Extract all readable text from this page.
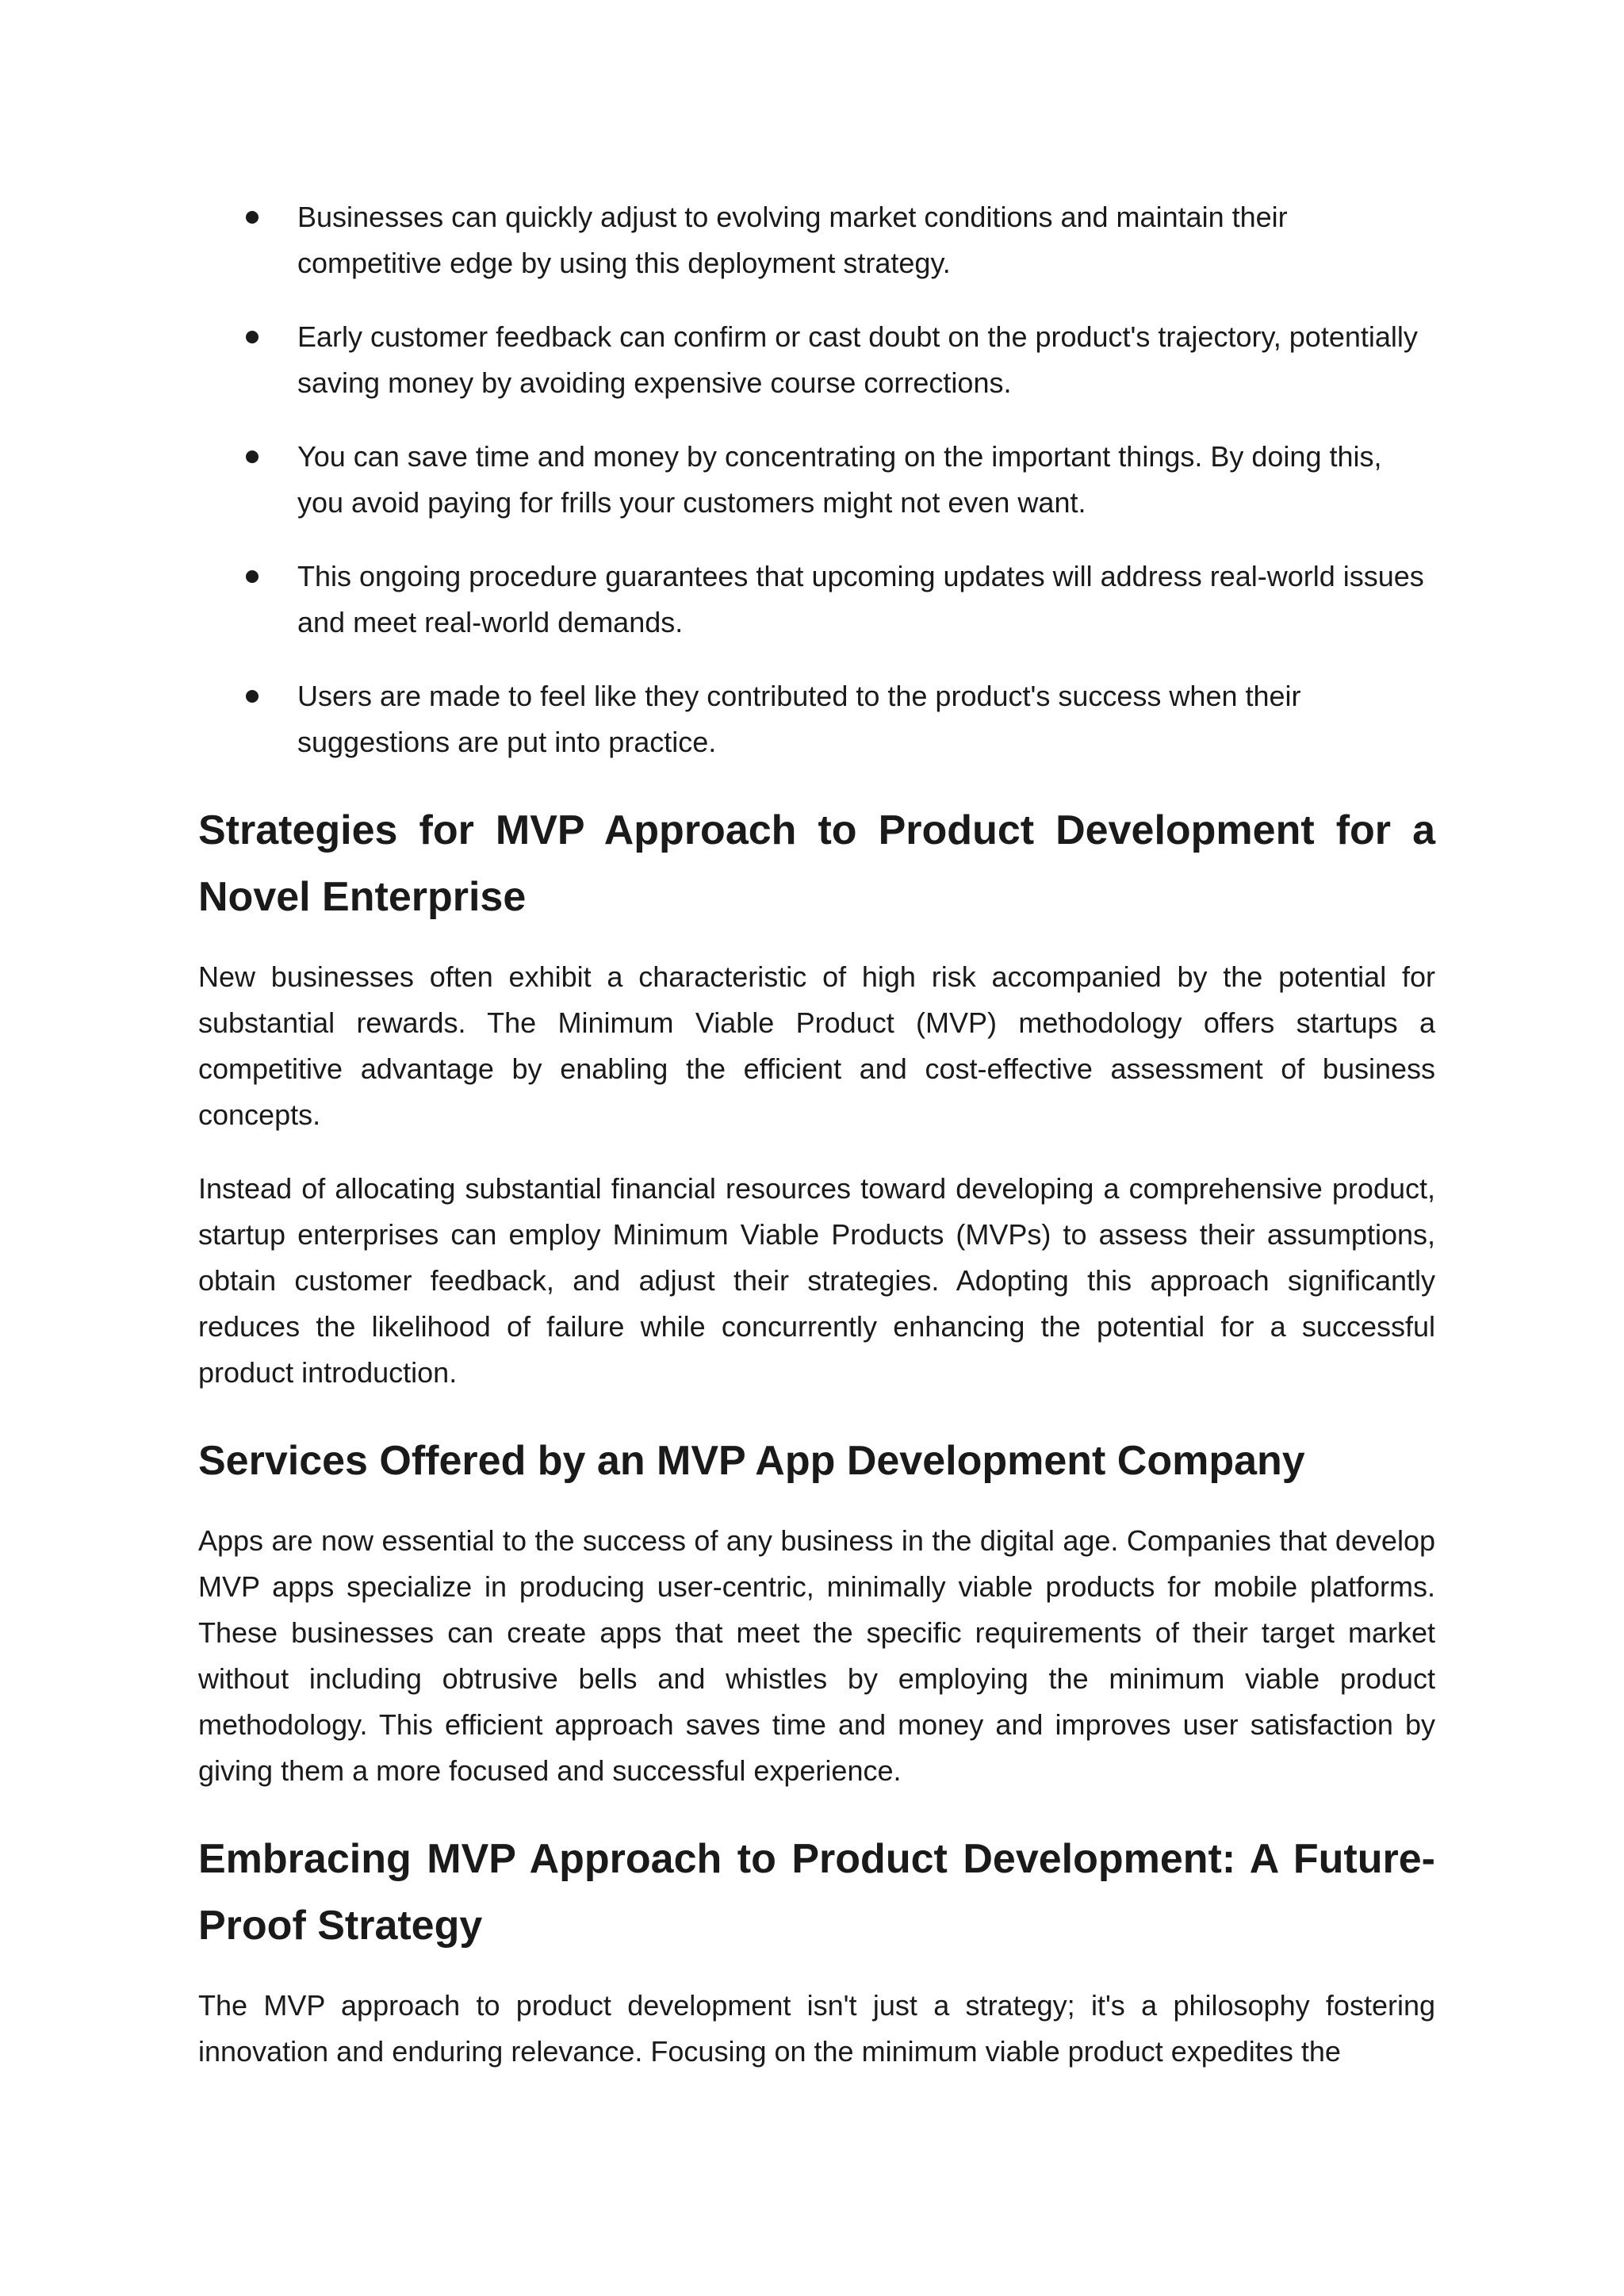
Businesses can quickly adjust to evolving market conditions and maintain their competitive edge by using this deployment strategy.
Early customer feedback can confirm or cast doubt on the product's trajectory, potentially saving money by avoiding expensive course corrections.
You can save time and money by concentrating on the important things. By doing this, you avoid paying for frills your customers might not even want.
This ongoing procedure guarantees that upcoming updates will address real-world issues and meet real-world demands.
Users are made to feel like they contributed to the product's success when their suggestions are put into practice.
Strategies for MVP Approach to Product Development for a Novel Enterprise

New businesses often exhibit a characteristic of high risk accompanied by the potential for substantial rewards. The Minimum Viable Product (MVP) methodology offers startups a competitive advantage by enabling the efficient and cost-effective assessment of business concepts.

Instead of allocating substantial financial resources toward developing a comprehensive product, startup enterprises can employ Minimum Viable Products (MVPs) to assess their assumptions, obtain customer feedback, and adjust their strategies. Adopting this approach significantly reduces the likelihood of failure while concurrently enhancing the potential for a successful product introduction.

Services Offered by an MVP App Development Company

Apps are now essential to the success of any business in the digital age. Companies that develop MVP apps specialize in producing user-centric, minimally viable products for mobile platforms. These businesses can create apps that meet the specific requirements of their target market without including obtrusive bells and whistles by employing the minimum viable product methodology. This efficient approach saves time and money and improves user satisfaction by giving them a more focused and successful experience.

Embracing MVP Approach to Product Development: A Future-Proof Strategy

The MVP approach to product development isn't just a strategy; it's a philosophy fostering innovation and enduring relevance. Focusing on the minimum viable product expedites the
